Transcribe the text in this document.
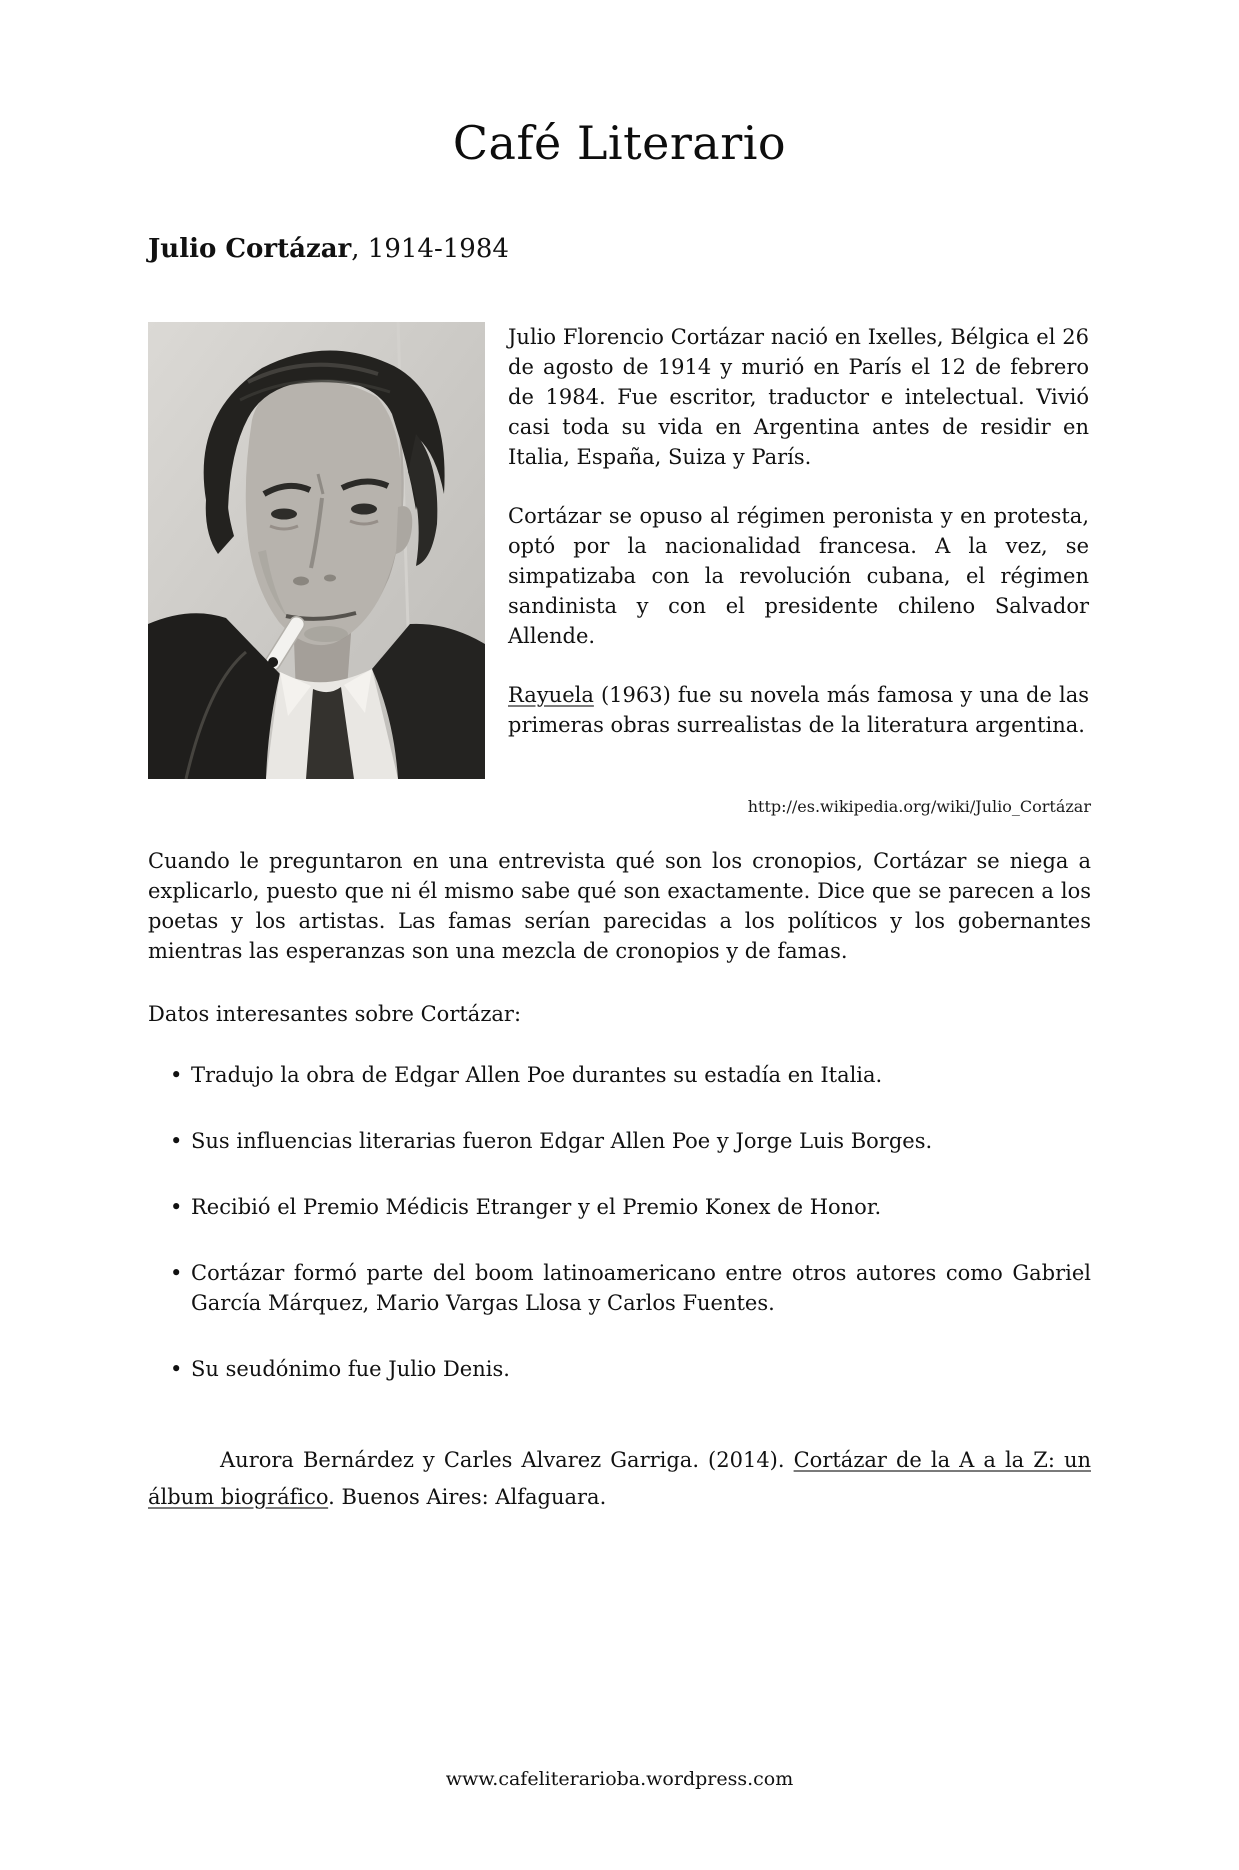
Café Literario
Julio Cortázar, 1914-1984

Julio Florencio Cortázar nació en Ixelles, Bélgica el 26 de agosto de 1914 y murió en París el 12 de febrero de 1984. Fue escritor, traductor e intelectual. Vivió casi toda su vida en Argentina antes de residir en Italia, España, Suiza y París.

Cortázar se opuso al régimen peronista y en protesta, optó por la nacionalidad francesa. A la vez, se simpatizaba con la revolución cubana, el régimen sandinista y con el presidente chileno Salvador Allende.

Rayuela (1963) fue su novela más famosa y una de las primeras obras surrealistas de la literatura argentina.

http://es.wikipedia.org/wiki/Julio_Cortázar

Cuando le preguntaron en una entrevista qué son los cronopios, Cortázar se niega a explicarlo, puesto que ni él mismo sabe qué son exactamente. Dice que se parecen a los poetas y los artistas. Las famas serían parecidas a los políticos y los gobernantes mientras las esperanzas son una mezcla de cronopios y de famas.

Datos interesantes sobre Cortázar:
• Tradujo la obra de Edgar Allen Poe durantes su estadía en Italia.
• Sus influencias literarias fueron Edgar Allen Poe y Jorge Luis Borges.
• Recibió el Premio Médicis Etranger y el Premio Konex de Honor.
• Cortázar formó parte del boom latinoamericano entre otros autores como Gabriel García Márquez, Mario Vargas Llosa y Carlos Fuentes.
• Su seudónimo fue Julio Denis.

Aurora Bernárdez y Carles Alvarez Garriga. (2014). Cortázar de la A a la Z: un álbum biográfico. Buenos Aires: Alfaguara.

www.cafeliterarioba.wordpress.com
